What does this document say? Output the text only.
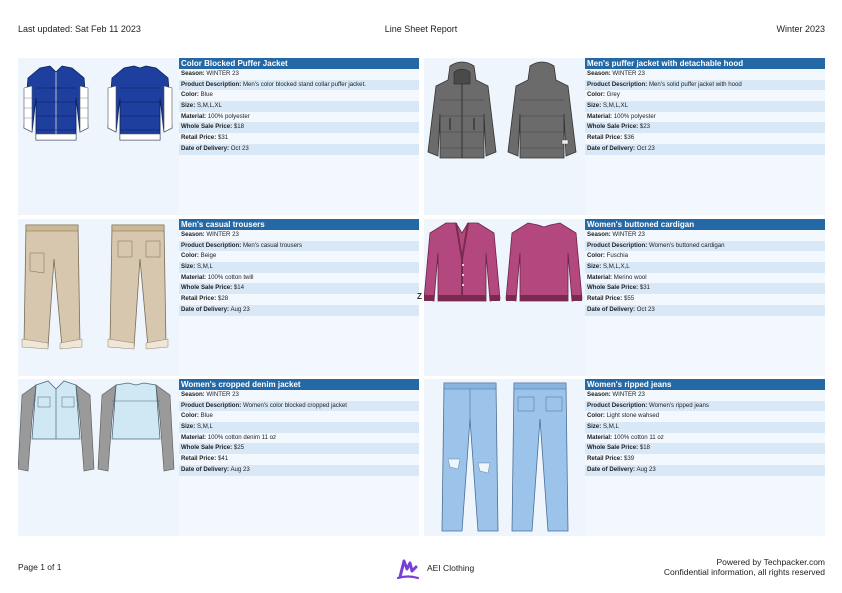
Last updated: Sat Feb 11 2023	Line Sheet Report	Winter 2023
Color Blocked Puffer Jacket
Season: WINTER 23
Product Description: Men's color blocked stand collar puffer jacket.
Color: Blue
Size: S,M,L,XL
Material: 100% polyester
Whole Sale Price: $18
Retail Price: $31
Date of Delivery: Oct 23
Men's puffer jacket with detachable hood
Season: WINTER 23
Product Description: Men's solid puffer jacket with hood
Color: Grey
Size: S,M,L,XL
Material: 100% polyester
Whole Sale Price: $23
Retail Price: $36
Date of Delivery: Oct 23
Men's casual trousers
Season: WINTER 23
Product Description: Men's casual trousers
Color: Beige
Size: S,M,L
Material: 100% cotton twill
Whole Sale Price: $14
Retail Price: $28
Date of Delivery: Aug 23
Women's buttoned cardigan
Season: WINTER 23
Product Description: Women's buttoned cardigan
Color: Fuschia
Size: S,M,L,X,L
Material: Merino wool
Whole Sale Price: $31
Retail Price: $55
Date of Delivery: Oct 23
Women's cropped denim jacket
Season: WINTER 23
Product Description: Women's color blocked cropped jacket
Color: Blue
Size: S,M,L
Material: 100% cotton denim 11 oz
Whole Sale Price: $25
Retail Price: $41
Date of Delivery: Aug 23
Women's ripped jeans
Season: WINTER 23
Product Description: Women's ripped jeans
Color: Light stone wahsed
Size: S,M,L
Material: 100% cotton 11 oz
Whole Sale Price: $18
Retail Price: $39
Date of Delivery: Aug 23
Z
Page 1 of 1	AEI Clothing
Powered by Techpacker.com
Confidential information, all rights reserved
